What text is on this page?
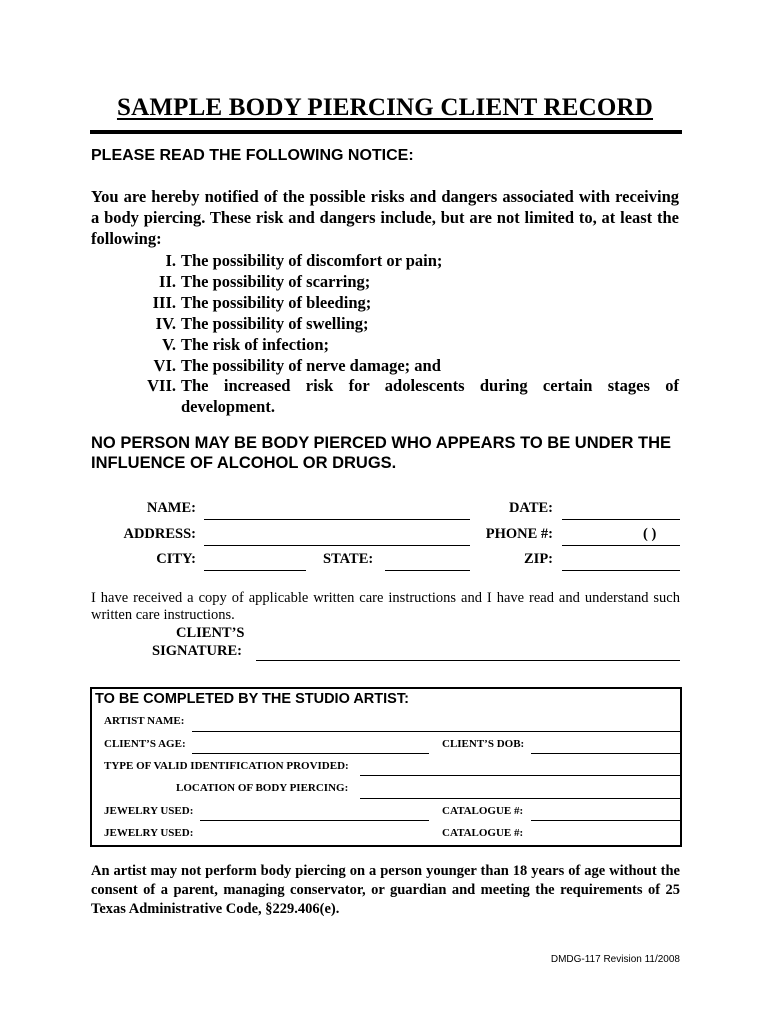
SAMPLE BODY PIERCING CLIENT RECORD
PLEASE READ THE FOLLOWING NOTICE:
You are hereby notified of the possible risks and dangers associated with receiving a body piercing. These risk and dangers include, but are not limited to, at least the following:
I. The possibility of discomfort or pain;
II. The possibility of scarring;
III. The possibility of bleeding;
IV. The possibility of swelling;
V. The risk of infection;
VI. The possibility of nerve damage; and
VII. The increased risk for adolescents during certain stages of
development.
NO PERSON MAY BE BODY PIERCED WHO APPEARS TO BE UNDER THE INFLUENCE OF ALCOHOL OR DRUGS.
NAME:	DATE:
ADDRESS:	PHONE #:	( )
CITY:	STATE:	ZIP:
I have received a copy of applicable written care instructions and I have read and understand such written care instructions.
CLIENT’S
SIGNATURE:
TO BE COMPLETED BY THE STUDIO ARTIST:
ARTIST NAME:
CLIENT’S AGE:	CLIENT’S DOB:
TYPE OF VALID IDENTIFICATION PROVIDED:
LOCATION OF BODY PIERCING:
JEWELRY USED:	CATALOGUE #:
JEWELRY USED:	CATALOGUE #:
An artist may not perform body piercing on a person younger than 18 years of age without the consent of a parent, managing conservator, or guardian and meeting the requirements of 25 Texas Administrative Code, §229.406(e).
DMDG-117 Revision 11/2008
